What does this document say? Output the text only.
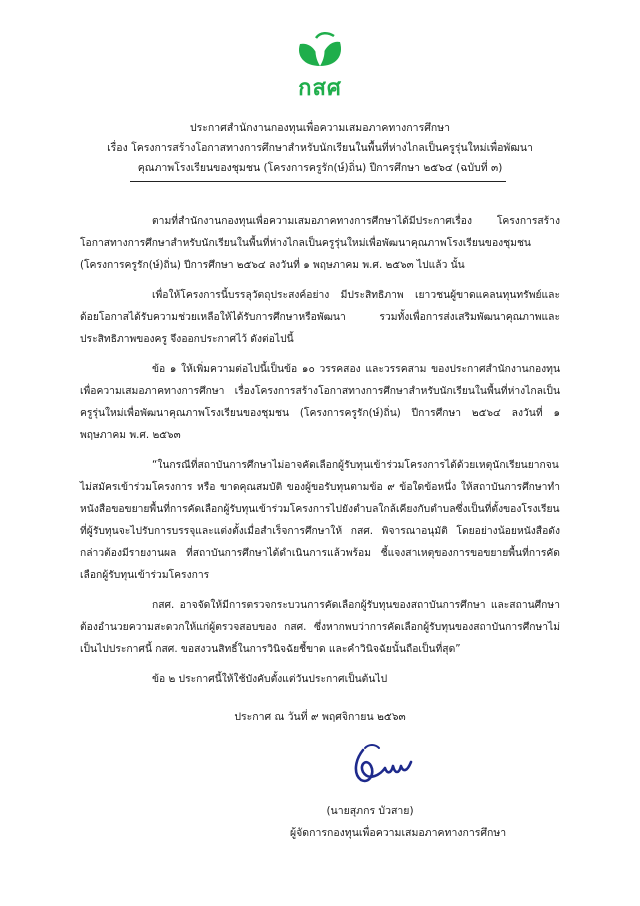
กสศ
ประกาศสำนักงานกองทุนเพื่อความเสมอภาคทางการศึกษา
เรื่อง โครงการสร้างโอกาสทางการศึกษาสำหรับนักเรียนในพื้นที่ห่างไกลเป็นครูรุ่นใหม่เพื่อพัฒนา
คุณภาพโรงเรียนของชุมชน (โครงการครูรัก(ษ์)ถิ่น) ปีการศึกษา ๒๕๖๔ (ฉบับที่ ๓)

ตามที่สำนักงานกองทุนเพื่อความเสมอภาคทางการศึกษาได้มีประกาศเรื่อง โครงการสร้างโอกาสทางการศึกษาสำหรับนักเรียนในพื้นที่ห่างไกลเป็นครูรุ่นใหม่เพื่อพัฒนาคุณภาพโรงเรียนของชุมชน (โครงการครูรัก(ษ์)ถิ่น) ปีการศึกษา ๒๕๖๔ ลงวันที่ ๑ พฤษภาคม พ.ศ. ๒๕๖๓ ไปแล้ว นั้น

เพื่อให้โครงการนี้บรรลุวัตถุประสงค์อย่าง มีประสิทธิภาพ เยาวชนผู้ขาดแคลนทุนทรัพย์และด้อยโอกาสได้รับความช่วยเหลือให้ได้รับการศึกษาหรือพัฒนา รวมทั้งเพื่อการส่งเสริมพัฒนาคุณภาพและประสิทธิภาพของครู จึงออกประกาศไว้ ดังต่อไปนี้

ข้อ ๑ ให้เพิ่มความต่อไปนี้เป็นข้อ ๑๐ วรรคสอง และวรรคสาม ของประกาศสำนักงานกองทุนเพื่อความเสมอภาคทางการศึกษา เรื่องโครงการสร้างโอกาสทางการศึกษาสำหรับนักเรียนในพื้นที่ห่างไกลเป็นครูรุ่นใหม่เพื่อพัฒนาคุณภาพโรงเรียนของชุมชน (โครงการครูรัก(ษ์)ถิ่น) ปีการศึกษา ๒๕๖๔ ลงวันที่ ๑ พฤษภาคม พ.ศ. ๒๕๖๓

“ในกรณีที่สถาบันการศึกษาไม่อาจคัดเลือกผู้รับทุนเข้าร่วมโครงการได้ด้วยเหตุนักเรียนยากจนไม่สมัครเข้าร่วมโครงการ หรือ ขาดคุณสมบัติ ของผู้ขอรับทุนตามข้อ ๙ ข้อใดข้อหนึ่ง ให้สถาบันการศึกษาทำหนังสือขอขยายพื้นที่การคัดเลือกผู้รับทุนเข้าร่วมโครงการไปยังตำบลใกล้เคียงกับตำบลซึ่งเป็นที่ตั้งของโรงเรียนที่ผู้รับทุนจะไปรับการบรรจุและแต่งตั้งเมื่อสำเร็จการศึกษาให้ กสศ. พิจารณาอนุมัติ โดยอย่างน้อยหนังสือดังกล่าวต้องมีรายงานผล ที่สถาบันการศึกษาได้ดำเนินการแล้วพร้อม ชี้แจงสาเหตุของการขอขยายพื้นที่การคัดเลือกผู้รับทุนเข้าร่วมโครงการ

กสศ. อาจจัดให้มีการตรวจกระบวนการคัดเลือกผู้รับทุนของสถาบันการศึกษา และสถานศึกษาต้องอำนวยความสะดวกให้แก่ผู้ตรวจสอบของ กสศ. ซึ่งหากพบว่าการคัดเลือกผู้รับทุนของสถาบันการศึกษาไม่เป็นไปประกาศนี้ กสศ. ขอสงวนสิทธิ์ในการวินิจฉัยชี้ขาด และคำวินิจฉัยนั้นถือเป็นที่สุด”

ข้อ ๒ ประกาศนี้ให้ใช้บังคับตั้งแต่วันประกาศเป็นต้นไป

ประกาศ ณ วันที่ ๙ พฤศจิกายน ๒๕๖๓
(นายสุภกร บัวสาย)
ผู้จัดการกองทุนเพื่อความเสมอภาคทางการศึกษา
